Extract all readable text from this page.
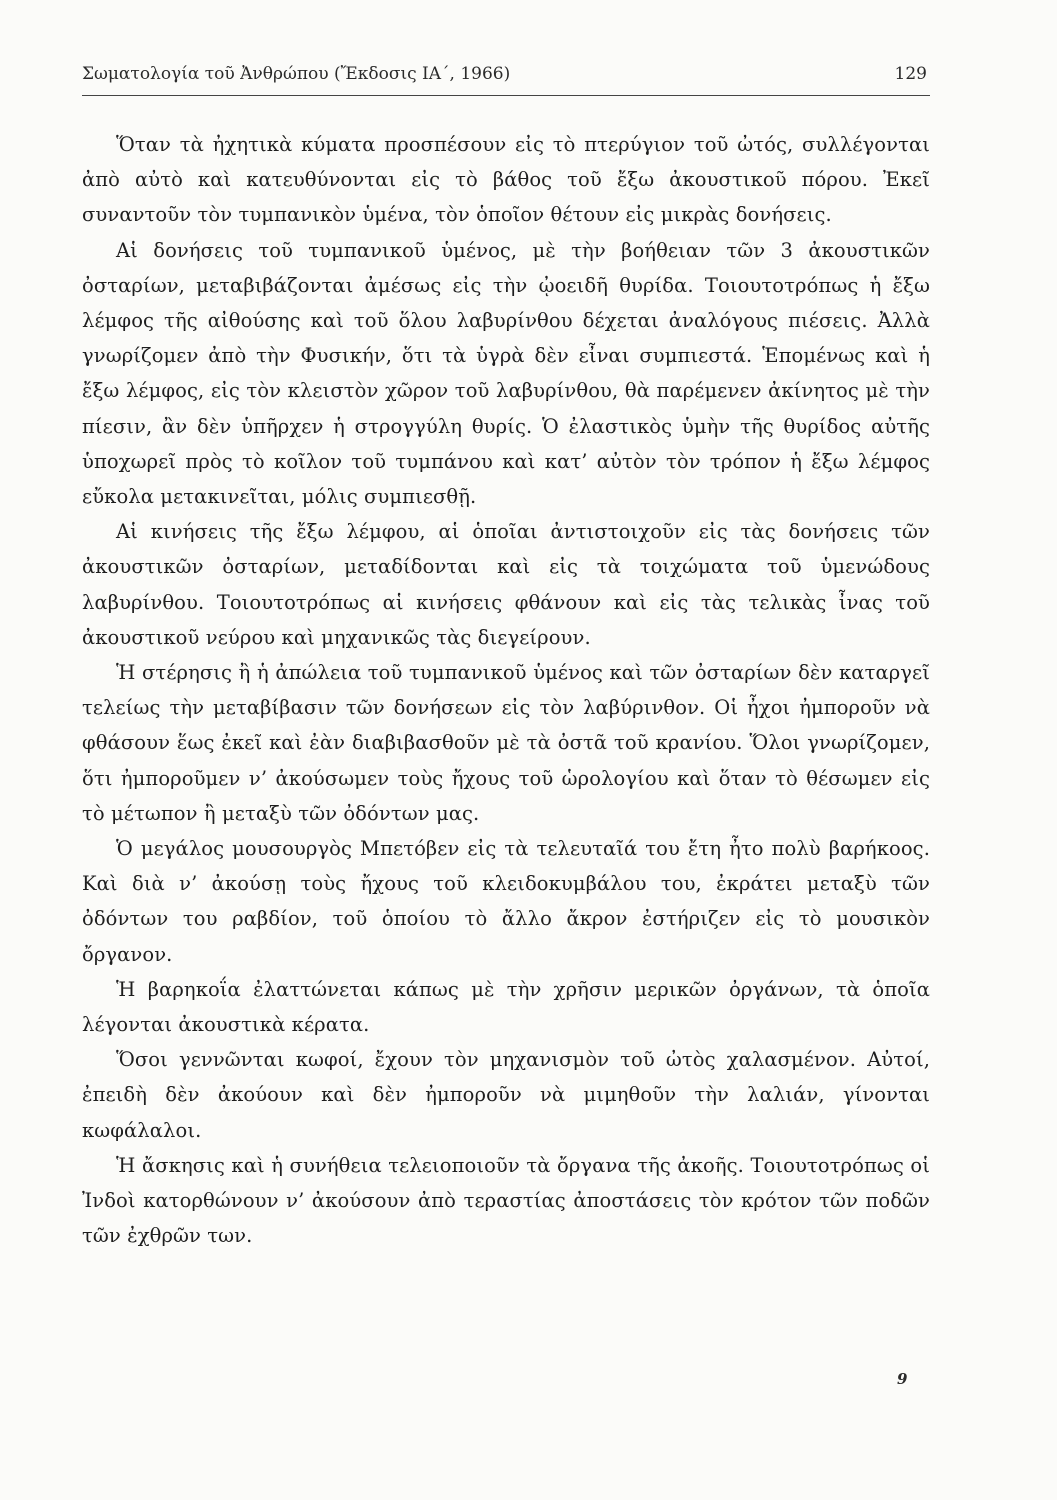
Σωματολογία τοῦ Ἀνθρώπου (Ἔκδοσις ΙΑ΄, 1966)	129

Ὅταν τὰ ἠχητικὰ κύματα προσπέσουν εἰς τὸ πτερύγιον τοῦ ὠτός, συλλέγονται ἀπὸ αὐτὸ καὶ κατευθύνονται εἰς τὸ βάθος τοῦ ἔξω ἀκουστικοῦ πόρου. Ἐκεῖ συναντοῦν τὸν τυμπανικὸν ὑμένα, τὸν ὁποῖον θέτουν εἰς μικρὰς δονήσεις.

Αἱ δονήσεις τοῦ τυμπανικοῦ ὑμένος, μὲ τὴν βοήθειαν τῶν 3 ἀκουστικῶν ὀσταρίων, μεταβιβάζονται ἀμέσως εἰς τὴν ᾠοειδῆ θυρίδα. Τοιουτοτρόπως ἡ ἔξω λέμφος τῆς αἰθούσης καὶ τοῦ ὅλου λαβυρίνθου δέχεται ἀναλόγους πιέσεις. Ἀλλὰ γνωρίζομεν ἀπὸ τὴν Φυσικήν, ὅτι τὰ ὑγρὰ δὲν εἶναι συμπιεστά. Ἑπομένως καὶ ἡ ἔξω λέμφος, εἰς τὸν κλειστὸν χῶρον τοῦ λαβυρίνθου, θὰ παρέμενεν ἀκίνητος μὲ τὴν πίεσιν, ἂν δὲν ὑπῆρχεν ἡ στρογγύλη θυρίς. Ὁ ἐλαστικὸς ὑμὴν τῆς θυρίδος αὐτῆς ὑποχωρεῖ πρὸς τὸ κοῖλον τοῦ τυμπάνου καὶ κατ’ αὐτὸν τὸν τρόπον ἡ ἔξω λέμφος εὔκολα μετακινεῖται, μόλις συμπιεσθῇ.

Αἱ κινήσεις τῆς ἔξω λέμφου, αἱ ὁποῖαι ἀντιστοιχοῦν εἰς τὰς δονήσεις τῶν ἀκουστικῶν ὀσταρίων, μεταδίδονται καὶ εἰς τὰ τοιχώματα τοῦ ὑμενώδους λαβυρίνθου. Τοιουτοτρόπως αἱ κινήσεις φθάνουν καὶ εἰς τὰς τελικὰς ἶνας τοῦ ἀκουστικοῦ νεύρου καὶ μηχανικῶς τὰς διεγείρουν.

Ἡ στέρησις ἢ ἡ ἀπώλεια τοῦ τυμπανικοῦ ὑμένος καὶ τῶν ὀσταρίων δὲν καταργεῖ τελείως τὴν μεταβίβασιν τῶν δονήσεων εἰς τὸν λαβύρινθον. Οἱ ἦχοι ἠμποροῦν νὰ φθάσουν ἕως ἐκεῖ καὶ ἐὰν διαβιβασθοῦν μὲ τὰ ὀστᾶ τοῦ κρανίου. Ὅλοι γνωρίζομεν, ὅτι ἠμποροῦμεν ν’ ἀκούσωμεν τοὺς ἤχους τοῦ ὡρολογίου καὶ ὅταν τὸ θέσωμεν εἰς τὸ μέτωπον ἢ μεταξὺ τῶν ὀδόντων μας.

Ὁ μεγάλος μουσουργὸς Μπετόβεν εἰς τὰ τελευταῖά του ἔτη ἦτο πολὺ βαρήκοος. Καὶ διὰ ν’ ἀκούσῃ τοὺς ἤχους τοῦ κλειδοκυμβάλου του, ἐκράτει μεταξὺ τῶν ὀδόντων του ραβδίον, τοῦ ὁποίου τὸ ἄλλο ἄκρον ἐστήριζεν εἰς τὸ μουσικὸν ὄργανον.

Ἡ βαρηκοΐα ἐλαττώνεται κάπως μὲ τὴν χρῆσιν μερικῶν ὀργάνων, τὰ ὁποῖα λέγονται ἀκουστικὰ κέρατα.

Ὅσοι γεννῶνται κωφοί, ἔχουν τὸν μηχανισμὸν τοῦ ὠτὸς χαλασμένον. Αὐτοί, ἐπειδὴ δὲν ἀκούουν καὶ δὲν ἠμποροῦν νὰ μιμηθοῦν τὴν λαλιάν, γίνονται κωφάλαλοι.

Ἡ ἄσκησις καὶ ἡ συνήθεια τελειοποιοῦν τὰ ὄργανα τῆς ἀκοῆς. Τοιουτοτρόπως οἱ Ἰνδοὶ κατορθώνουν ν’ ἀκούσουν ἀπὸ τεραστίας ἀποστάσεις τὸν κρότον τῶν ποδῶν τῶν ἐχθρῶν των.

9
